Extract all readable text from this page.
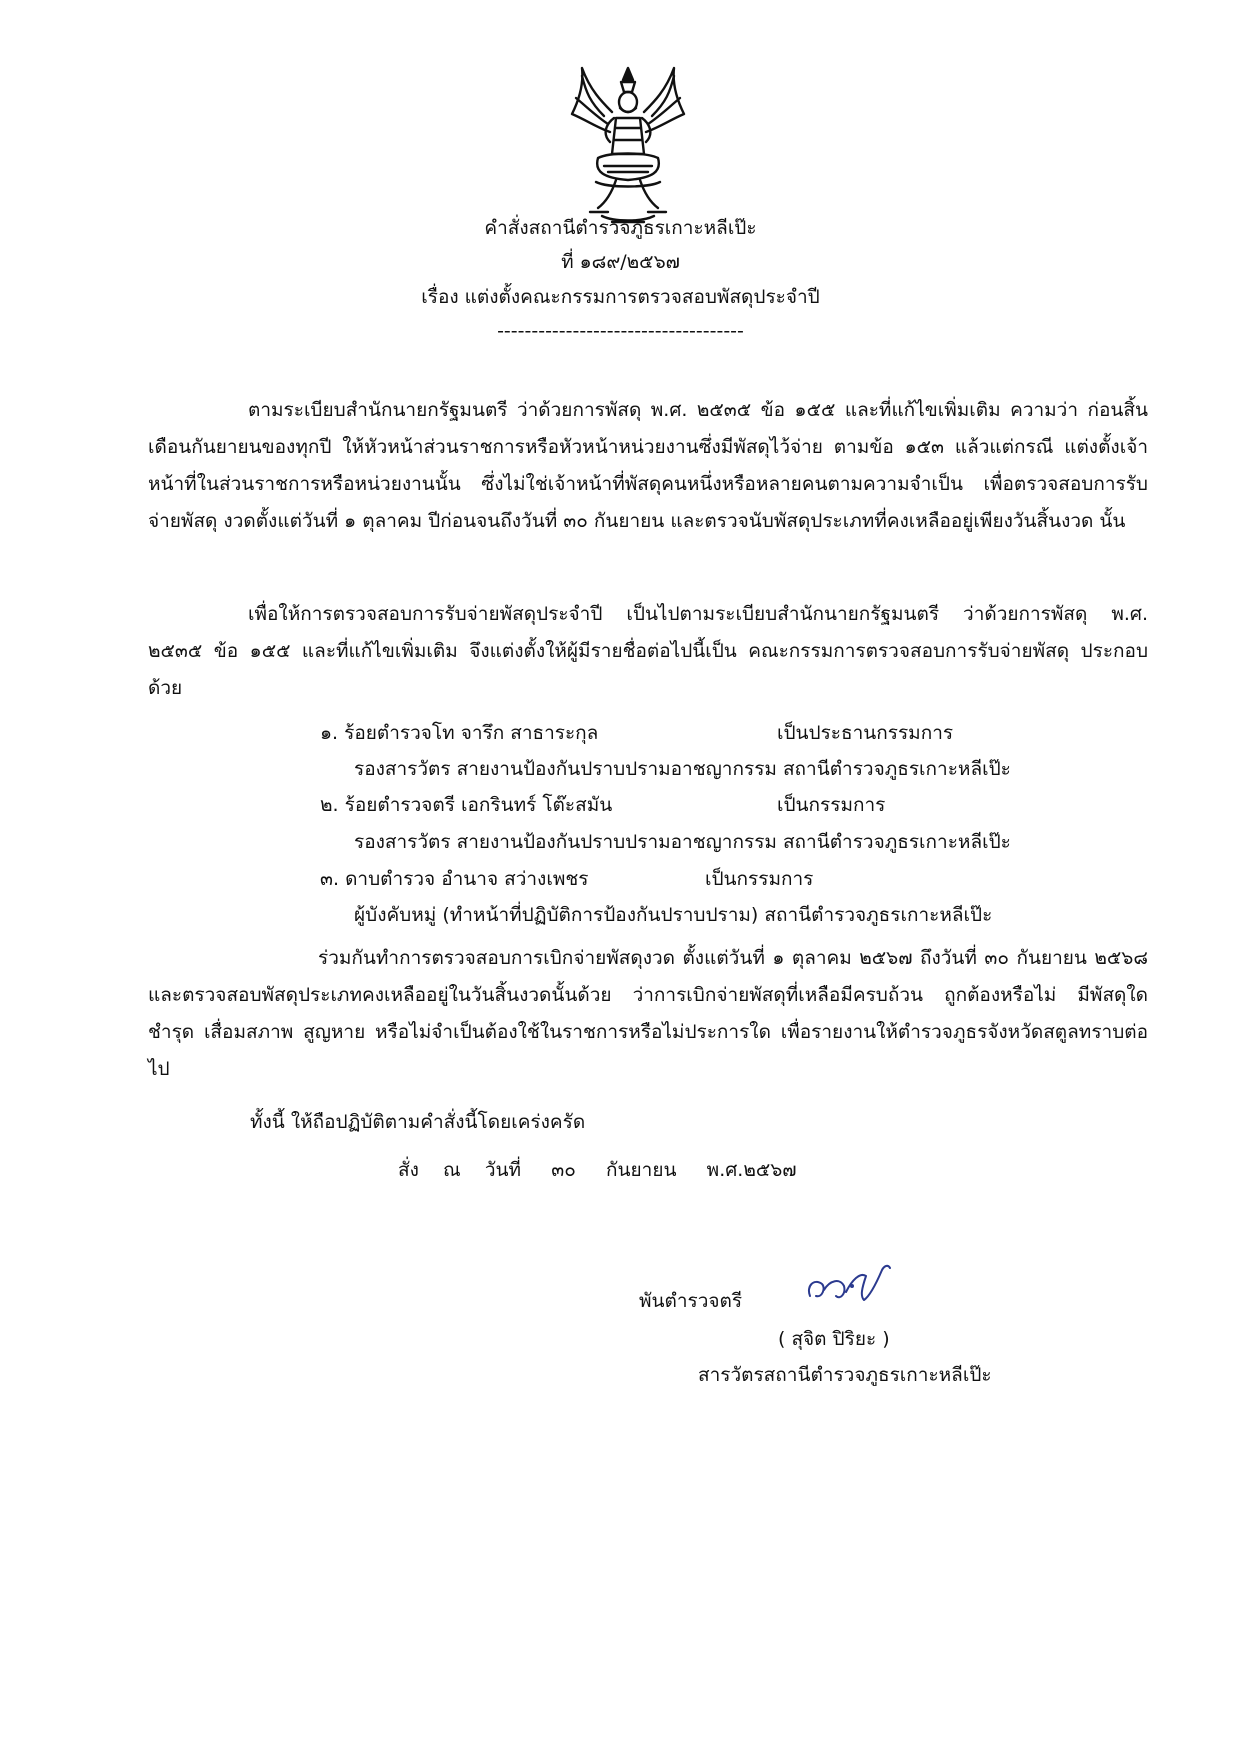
คำสั่งสถานีตำรวจภูธรเกาะหลีเป๊ะ
ที่ ๑๘๙/๒๕๖๗
เรื่อง แต่งตั้งคณะกรรมการตรวจสอบพัสดุประจำปี
------------------------------------

ตามระเบียบสำนักนายกรัฐมนตรี ว่าด้วยการพัสดุ พ.ศ. ๒๕๓๕ ข้อ ๑๕๕ และที่แก้ไขเพิ่มเติม ความว่า ก่อนสิ้นเดือนกันยายนของทุกปี ให้หัวหน้าส่วนราชการหรือหัวหน้าหน่วยงานซึ่งมีพัสดุไว้จ่าย ตามข้อ ๑๕๓ แล้วแต่กรณี แต่งตั้งเจ้าหน้าที่ในส่วนราชการหรือหน่วยงานนั้น ซึ่งไม่ใช่เจ้าหน้าที่พัสดุคนหนึ่งหรือหลายคนตามความจำเป็น เพื่อตรวจสอบการรับจ่ายพัสดุ งวดตั้งแต่วันที่ ๑ ตุลาคม ปีก่อนจนถึงวันที่ ๓๐ กันยายน และตรวจนับพัสดุประเภทที่คงเหลืออยู่เพียงวันสิ้นงวด นั้น

เพื่อให้การตรวจสอบการรับจ่ายพัสดุประจำปี เป็นไปตามระเบียบสำนักนายกรัฐมนตรี ว่าด้วยการพัสดุ พ.ศ. ๒๕๓๕ ข้อ ๑๕๕ และที่แก้ไขเพิ่มเติม จึงแต่งตั้งให้ผู้มีรายชื่อต่อไปนี้เป็น คณะกรรมการตรวจสอบการรับจ่ายพัสดุ ประกอบด้วย

๑. ร้อยตำรวจโท จารึก สาธาระกุล	เป็นประธานกรรมการ
รองสารวัตร สายงานป้องกันปราบปรามอาชญากรรม สถานีตำรวจภูธรเกาะหลีเป๊ะ
๒. ร้อยตำรวจตรี เอกรินทร์ โต๊ะสมัน	เป็นกรรมการ
รองสารวัตร สายงานป้องกันปราบปรามอาชญากรรม สถานีตำรวจภูธรเกาะหลีเป๊ะ
๓. ดาบตำรวจ อำนาจ สว่างเพชร	เป็นกรรมการ
ผู้บังคับหมู่ (ทำหน้าที่ปฏิบัติการป้องกันปราบปราม) สถานีตำรวจภูธรเกาะหลีเป๊ะ

ร่วมกันทำการตรวจสอบการเบิกจ่ายพัสดุงวด ตั้งแต่วันที่ ๑ ตุลาคม ๒๕๖๗ ถึงวันที่ ๓๐ กันยายน ๒๕๖๘ และตรวจสอบพัสดุประเภทคงเหลืออยู่ในวันสิ้นงวดนั้นด้วย ว่าการเบิกจ่ายพัสดุที่เหลือมีครบถ้วน ถูกต้องหรือไม่ มีพัสดุใดชำรุด เสื่อมสภาพ สูญหาย หรือไม่จำเป็นต้องใช้ในราชการหรือไม่ประการใด เพื่อรายงานให้ตำรวจภูธรจังหวัดสตูลทราบต่อไป

ทั้งนี้ ให้ถือปฏิบัติตามคำสั่งนี้โดยเคร่งครัด
สั่ง ณ วันที่ ๓๐ กันยายน พ.ศ.๒๕๖๗
พันตำรวจตรี
( สุจิต ปิริยะ )
สารวัตรสถานีตำรวจภูธรเกาะหลีเป๊ะ
